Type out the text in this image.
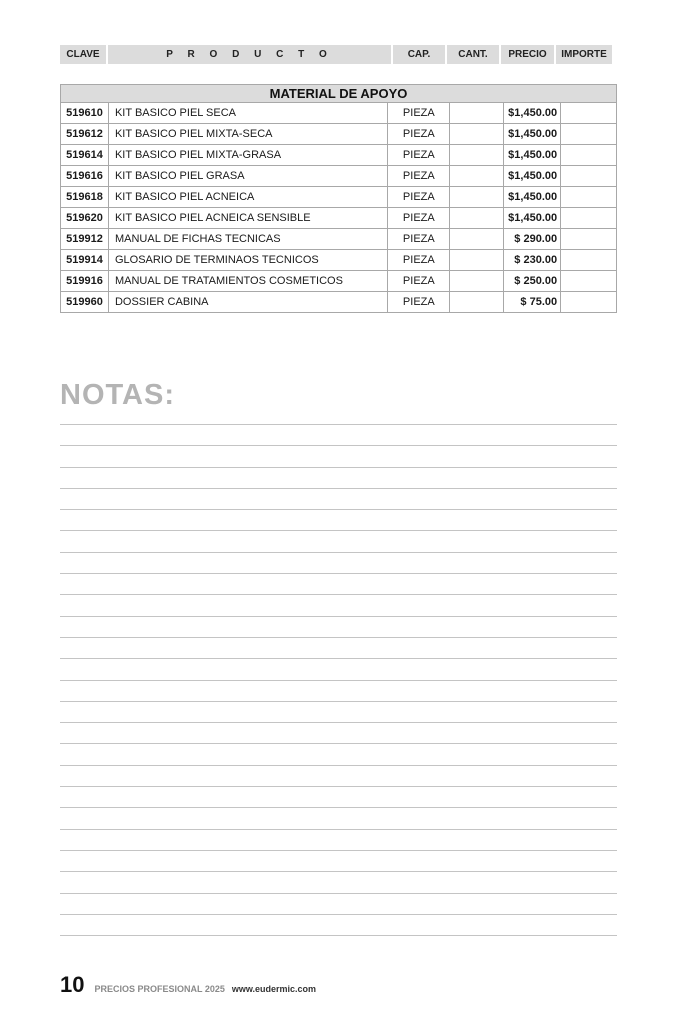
CLAVE	P R O D U C T O	CAP.	CANT.	PRECIO	IMPORTE
MATERIAL DE APOYO					
519610	KIT BASICO PIEL SECA	PIEZA		$1,450.00	
519612	KIT BASICO PIEL MIXTA-SECA	PIEZA		$1,450.00	
519614	KIT BASICO PIEL MIXTA-GRASA	PIEZA		$1,450.00	
519616	KIT BASICO PIEL GRASA	PIEZA		$1,450.00	
519618	KIT BASICO PIEL ACNEICA	PIEZA		$1,450.00	
519620	KIT BASICO PIEL ACNEICA SENSIBLE	PIEZA		$1,450.00	
519912	MANUAL DE FICHAS TECNICAS	PIEZA		$ 290.00	
519914	GLOSARIO DE TERMINAOS TECNICOS	PIEZA		$ 230.00	
519916	MANUAL DE TRATAMIENTOS COSMETICOS	PIEZA		$ 250.00	
519960	DOSSIER CABINA	PIEZA		$ 75.00	
NOTAS:
10 PRECIOS PROFESIONAL 2025 www.eudermic.com
